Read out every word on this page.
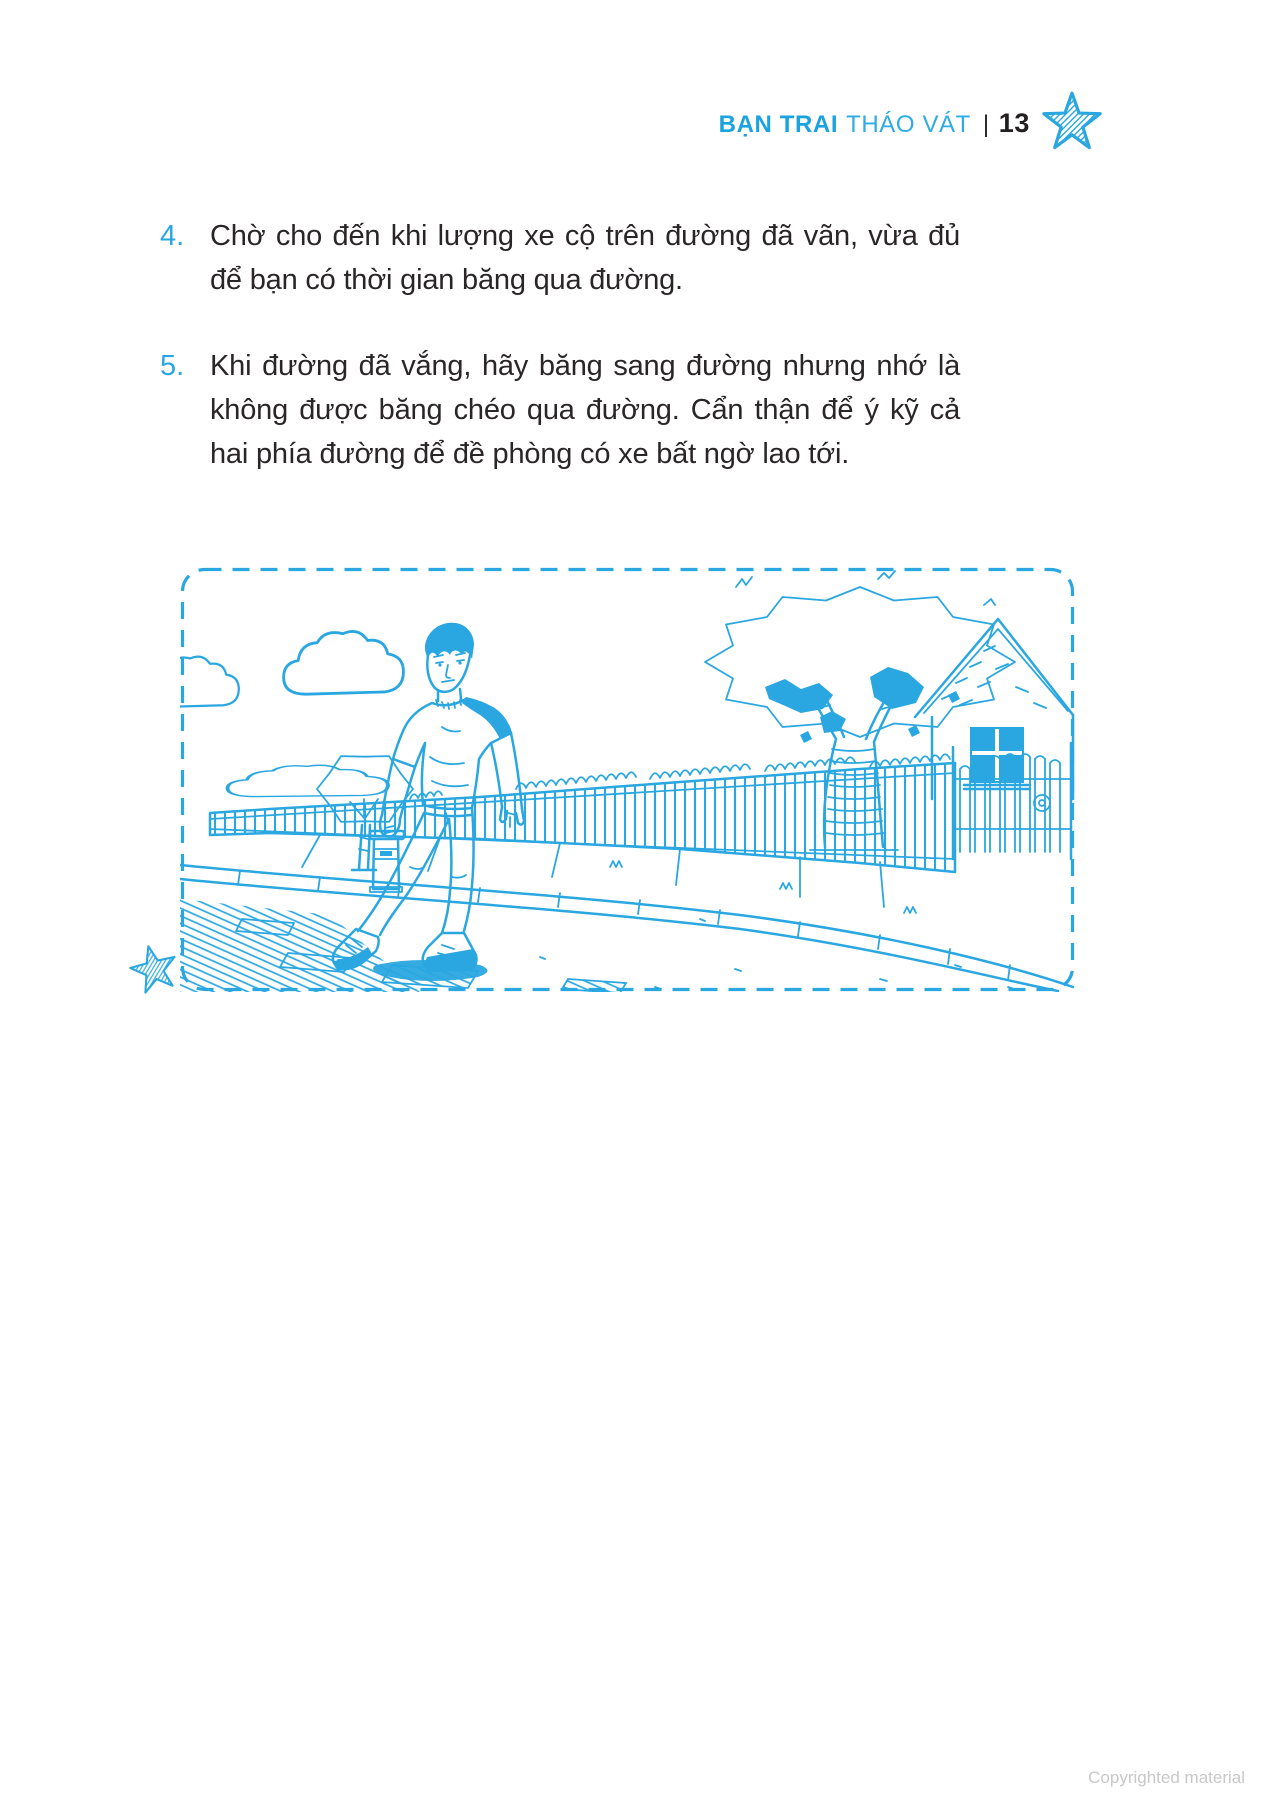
BẠN TRAI THÁO VÁT | 13
4. Chờ cho đến khi lượng xe cộ trên đường đã vãn, vừa đủ để bạn có thời gian băng qua đường.
5. Khi đường đã vắng, hãy băng sang đường nhưng nhớ là không được băng chéo qua đường. Cẩn thận để ý kỹ cả hai phía đường để đề phòng có xe bất ngờ lao tới.
Copyrighted material
